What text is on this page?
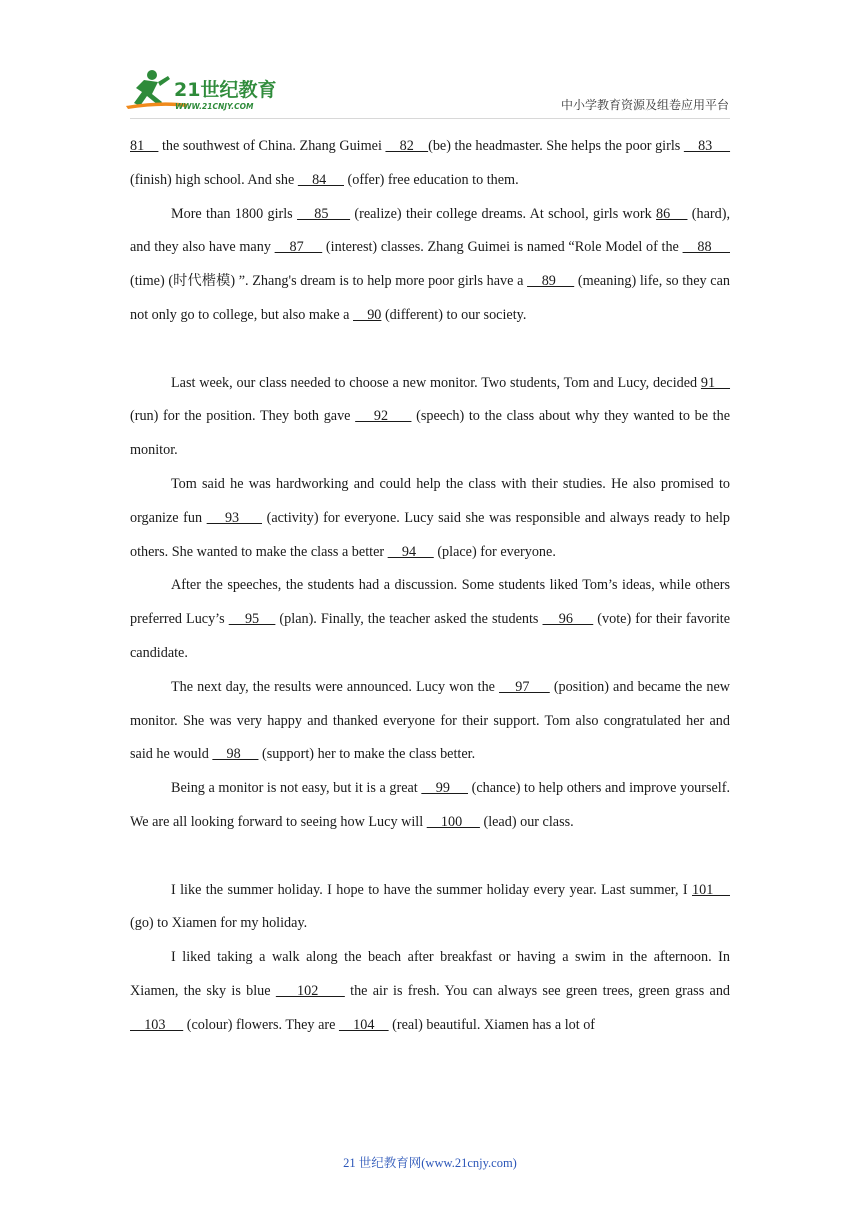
21世纪教育
WWW.21CNJY.COM	中小学教育资源及组卷应用平台

81     the southwest of China. Zhang Guimei     82    (be) the headmaster. She helps the poor girls     83      (finish) high school. And she     84      (offer) free education to them.

More than 1800 girls     85      (realize) their college dreams. At school, girls work 86     (hard), and they also have many     87      (interest) classes. Zhang Guimei is named “Role Model of the     88      (time) (时代楷模) ”. Zhang's dream is to help more poor girls have a     89      (meaning) life, so they can not only go to college, but also make a     90 (different) to our society.

Last week, our class needed to choose a new monitor. Two students, Tom and Lucy, decided 91     (run) for the position. They both gave     92      (speech) to the class about why they wanted to be the monitor.

Tom said he was hardworking and could help the class with their studies. He also promised to organize fun     93      (activity) for everyone. Lucy said she was responsible and always ready to help others. She wanted to make the class a better     94      (place) for everyone.

After the speeches, the students had a discussion. Some students liked Tom’s ideas, while others preferred Lucy’s     95     (plan). Finally, the teacher asked the students     96      (vote) for their favorite candidate.

The next day, the results were announced. Lucy won the     97      (position) and became the new monitor. She was very happy and thanked everyone for their support. Tom also congratulated her and said he would     98      (support) her to make the class better.

Being a monitor is not easy, but it is a great     99      (chance) to help others and improve yourself. We are all looking forward to seeing how Lucy will     100      (lead) our class.

I like the summer holiday. I hope to have the summer holiday every year. Last summer, I 101     (go) to Xiamen for my holiday.

I liked taking a walk along the beach after breakfast or having a swim in the afternoon. In Xiamen, the sky is blue     102      the air is fresh. You can always see green trees, green grass and     103      (colour) flowers. They are     104     (real) beautiful. Xiamen has a lot of

21 世纪教育网(www.21cnjy.com)
